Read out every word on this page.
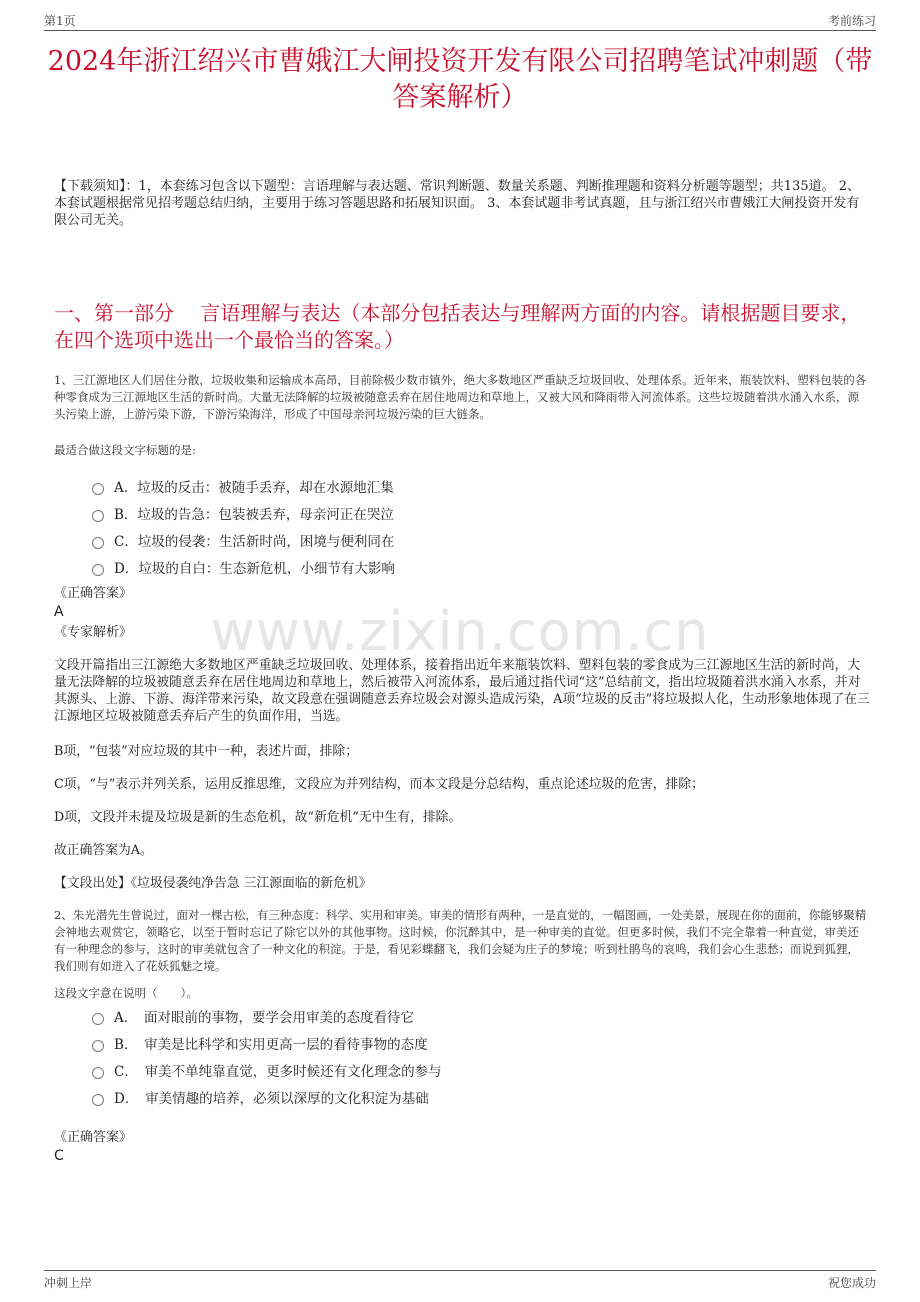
第1页	考前练习
2024年浙江绍兴市曹娥江大闸投资开发有限公司招聘笔试冲刺题（带答案解析）
【下载须知】：1，本套练习包含以下题型：言语理解与表达题、常识判断题、数量关系题、判断推理题和资料分析题等题型；共135道。 2、本套试题根据常见招考题总结归纳，主要用于练习答题思路和拓展知识面。 3、本套试题非考试真题，且与浙江绍兴市曹娥江大闸投资开发有限公司无关。
一、第一部分　 言语理解与表达（本部分包括表达与理解两方面的内容。请根据题目要求，在四个选项中选出一个最恰当的答案。）
www.zixin.com.cn
1、三江源地区人们居住分散，垃圾收集和运输成本高昂，目前除极少数市镇外，绝大多数地区严重缺乏垃圾回收、处理体系。近年来，瓶装饮料、塑料包装的各种零食成为三江源地区生活的新时尚。大量无法降解的垃圾被随意丢弃在居住地周边和草地上，又被大风和降雨带入河流体系。这些垃圾随着洪水涌入水系，源头污染上游，上游污染下游，下游污染海洋，形成了中国母亲河垃圾污染的巨大链条。
最适合做这段文字标题的是:
A．垃圾的反击：被随手丢弃，却在水源地汇集
B．垃圾的告急：包装被丢弃，母亲河正在哭泣
C．垃圾的侵袭：生活新时尚，困境与便利同在
D．垃圾的自白：生态新危机，小细节有大影响
《正确答案》
A
《专家解析》
文段开篇指出三江源绝大多数地区严重缺乏垃圾回收、处理体系，接着指出近年来瓶装饮料、塑料包装的零食成为三江源地区生活的新时尚，大量无法降解的垃圾被随意丢弃在居住地周边和草地上，然后被带入河流体系，最后通过指代词“这”总结前文，指出垃圾随着洪水涌入水系，并对其源头、上游、下游、海洋带来污染，故文段意在强调随意丢弃垃圾会对源头造成污染，A项“垃圾的反击”将垃圾拟人化，生动形象地体现了在三江源地区垃圾被随意丢弃后产生的负面作用，当选。
B项，“包装”对应垃圾的其中一种，表述片面，排除；
C项，“与”表示并列关系，运用反推思维，文段应为并列结构，而本文段是分总结构，重点论述垃圾的危害，排除；
D项，文段并未提及垃圾是新的生态危机，故“新危机”无中生有，排除。
故正确答案为A。
【文段出处】《垃圾侵袭纯净告急 三江源面临的新危机》
2、朱光潜先生曾说过，面对一棵古松，有三种态度：科学、实用和审美。审美的情形有两种，一是直觉的，一幅图画，一处美景，展现在你的面前，你能够聚精会神地去观赏它，领略它，以至于暂时忘记了除它以外的其他事物。这时候，你沉醉其中，是一种审美的直觉。但更多时候，我们不完全靠着一种直觉，审美还有一种理念的参与，这时的审美就包含了一种文化的积淀。于是，看见彩蝶翻飞，我们会疑为庄子的梦境；听到杜鹃鸟的哀鸣，我们会心生悲愁；而说到狐狸，我们则有如进入了花妖狐魅之境。
这段文字意在说明（　　）。
A．　面对眼前的事物，要学会用审美的态度看待它
B．　审美是比科学和实用更高一层的看待事物的态度
C．　审美不单纯靠直觉，更多时候还有文化理念的参与
D．　审美情趣的培养，必须以深厚的文化积淀为基础
《正确答案》
C
冲刺上岸	祝您成功
